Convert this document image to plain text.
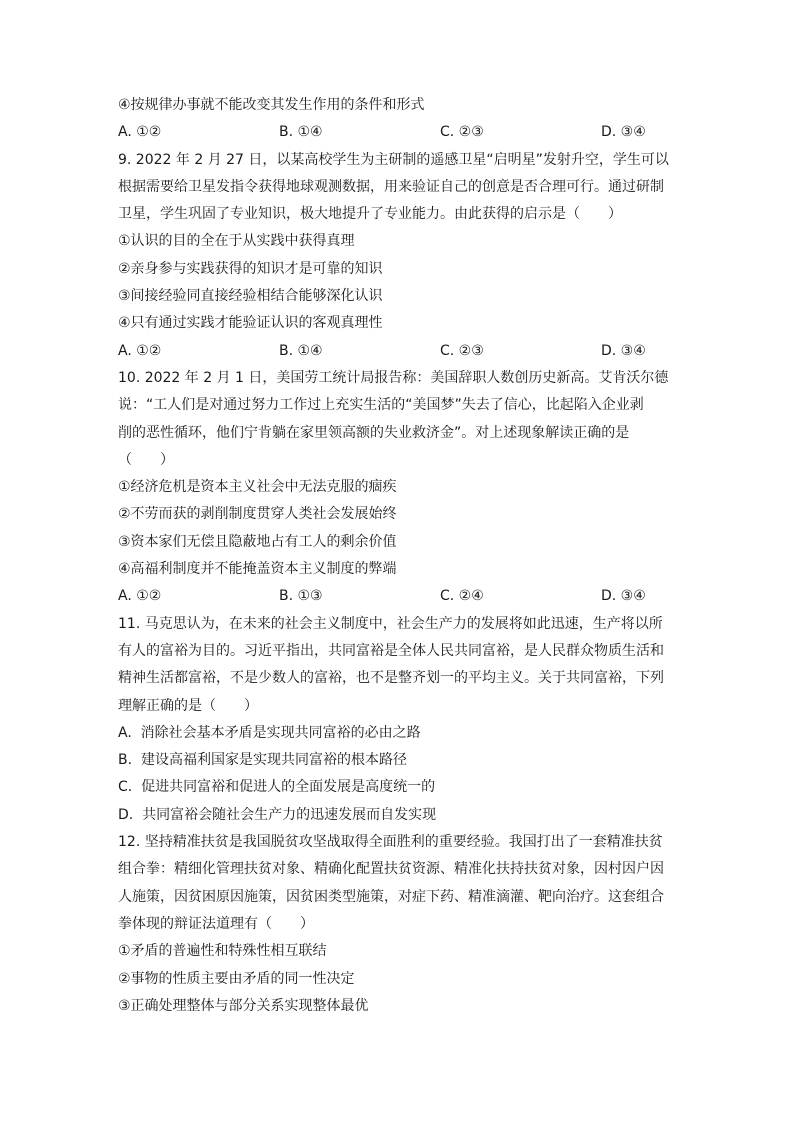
④按规律办事就不能改变其发生作用的条件和形式
A. ①②	B. ①④	C. ②③	D. ③④
9. 2022 年 2 月 27 日，以某高校学生为主研制的遥感卫星“启明星”发射升空，学生可以
根据需要给卫星发指令获得地球观测数据，用来验证自己的创意是否合理可行。通过研制
卫星，学生巩固了专业知识，极大地提升了专业能力。由此获得的启示是（　　）
①认识的目的全在于从实践中获得真理
②亲身参与实践获得的知识才是可靠的知识
③间接经验同直接经验相结合能够深化认识
④只有通过实践才能验证认识的客观真理性
A. ①②	B. ①④	C. ②③	D. ③④
10. 2022 年 2 月 1 日，美国劳工统计局报告称：美国辞职人数创历史新高。艾肯沃尔德
说：“工人们是对通过努力工作过上充实生活的“美国梦”失去了信心，比起陷入企业剥
削的恶性循环，他们宁肯躺在家里领高额的失业救济金”。对上述现象解读正确的是
（　　）
①经济危机是资本主义社会中无法克服的痼疾
②不劳而获的剥削制度贯穿人类社会发展始终
③资本家们无偿且隐蔽地占有工人的剩余价值
④高福利制度并不能掩盖资本主义制度的弊端
A. ①②	B. ①③	C. ②④	D. ③④
11. 马克思认为，在未来的社会主义制度中，社会生产力的发展将如此迅速，生产将以所
有人的富裕为目的。习近平指出，共同富裕是全体人民共同富裕，是人民群众物质生活和
精神生活都富裕，不是少数人的富裕，也不是整齐划一的平均主义。关于共同富裕，下列
理解正确的是（　　）
A.  消除社会基本矛盾是实现共同富裕的必由之路
B.  建设高福利国家是实现共同富裕的根本路径
C.  促进共同富裕和促进人的全面发展是高度统一的
D.  共同富裕会随社会生产力的迅速发展而自发实现
12. 坚持精准扶贫是我国脱贫攻坚战取得全面胜利的重要经验。我国打出了一套精准扶贫
组合拳：精细化管理扶贫对象、精确化配置扶贫资源、精准化扶持扶贫对象，因村因户因
人施策，因贫困原因施策，因贫困类型施策，对症下药、精准滴灌、靶向治疗。这套组合
拳体现的辩证法道理有（　　）
①矛盾的普遍性和特殊性相互联结
②事物的性质主要由矛盾的同一性决定
③正确处理整体与部分关系实现整体最优
